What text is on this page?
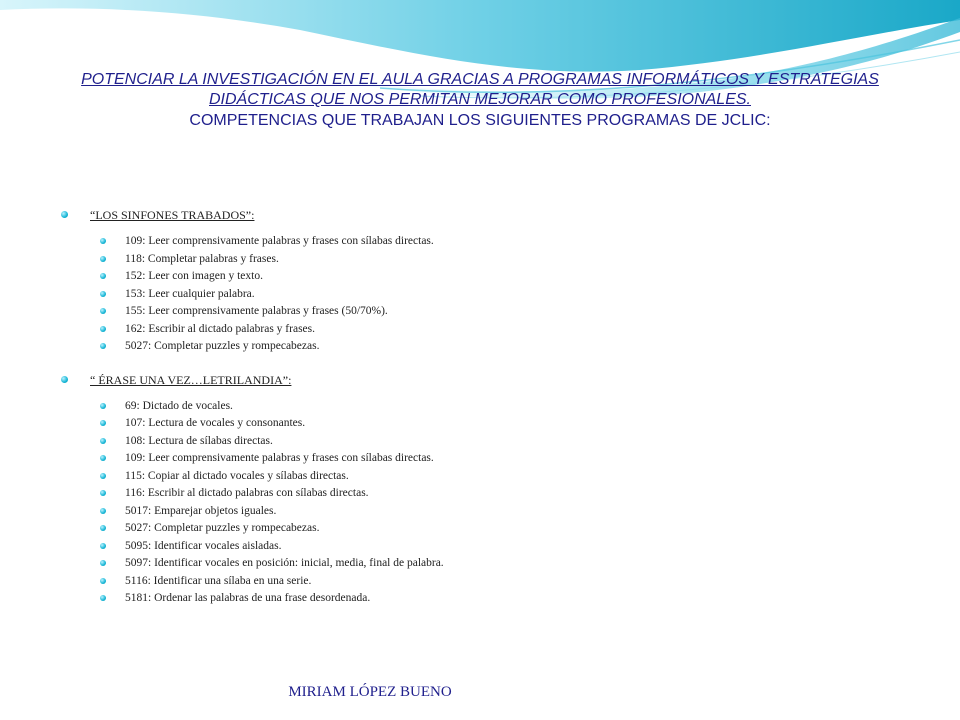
POTENCIAR LA INVESTIGACIÓN EN EL AULA GRACIAS A PROGRAMAS INFORMÁTICOS Y ESTRATEGIAS

DIDÁCTICAS QUE NOS PERMITAN MEJORAR COMO PROFESIONALES.

COMPETENCIAS QUE TRABAJAN LOS SIGUIENTES PROGRAMAS DE JCLIC:

“LOS SINFONES TRABADOS”:
109: Leer comprensivamente palabras y frases con sílabas directas.
118: Completar palabras y frases.
152: Leer con imagen y texto.
153: Leer cualquier palabra.
155: Leer comprensivamente palabras y frases (50/70%).
162: Escribir al dictado palabras y frases.
5027: Completar puzzles y rompecabezas.
“ ÉRASE UNA VEZ…LETRILANDIA”:
69: Dictado de vocales.
107: Lectura de vocales y consonantes.
108: Lectura de sílabas directas.
109: Leer comprensivamente palabras y frases con sílabas directas.
115: Copiar al dictado vocales y sílabas directas.
116: Escribir al dictado palabras con sílabas directas.
5017: Emparejar objetos iguales.
5027: Completar puzzles y rompecabezas.
5095: Identificar vocales aisladas.
5097: Identificar vocales en posición: inicial, media, final de palabra.
5116: Identificar una sílaba en una serie.
5181: Ordenar las palabras de una frase desordenada.
MIRIAM LÓPEZ BUENO
